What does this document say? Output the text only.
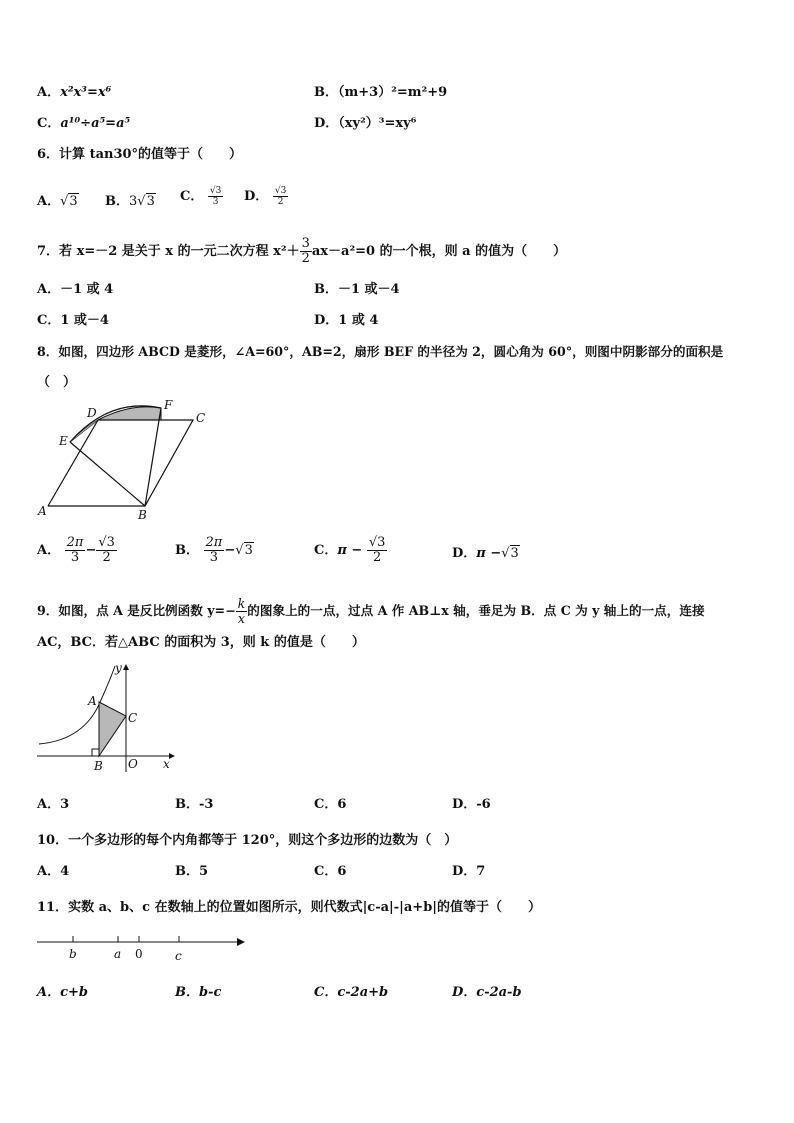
A．x²x³=x⁶	B．（m+3）²=m²+9
C．a¹⁰÷a⁵=a⁵	D．（xy²）³=xy⁶
6．计算 tan30°的值等于（　　）
A．√3 B．3√3 C． $\frac{√3}{3}$ D． $\frac{√3}{2}$
7．若 x=－2 是关于 x 的一元二次方程 $x^2+ \frac{3}{2} ax-a^2=0$ 的一个根，则 a 的值为（　　）
A．－1 或 4	B．－1 或－4
C．1 或－4	D．1 或 4
8．如图，四边形 ABCD 是菱形，∠A=60°，AB=2，扇形 BEF 的半径为 2，圆心角为 60°，则图中阴影部分的面积是
（　）
A	B
C
D
E
F
A． $\frac{2\pi}{3} - \frac{√3}{2}$	B． $\frac{2\pi}{3} -√3$	C．$\pi - \frac{√3}{2}$	D．π −√3
9．如图，点 A 是反比例函数 $y=- \frac{k}{x}$ 的图象上的一点，过点 A 作 AB⊥x 轴，垂足为 B．点 C 为 y 轴上的一点，连接
AC，BC．若△ABC 的面积为 3，则 k 的值是（　　）
A
B
C
O x
y
A．3	B．-3	C．6	D．-6
10．一个多边形的每个内角都等于 120°，则这个多边形的边数为（　）
A．4	B．5	C．6	D．7
11．实数 a、b、c 在数轴上的位置如图所示，则代数式|c-a|-|a+b|的值等于（　　）
b	a 0	c
A．c+b	B．b-c	C．c-2a+b	D．c-2a-b
